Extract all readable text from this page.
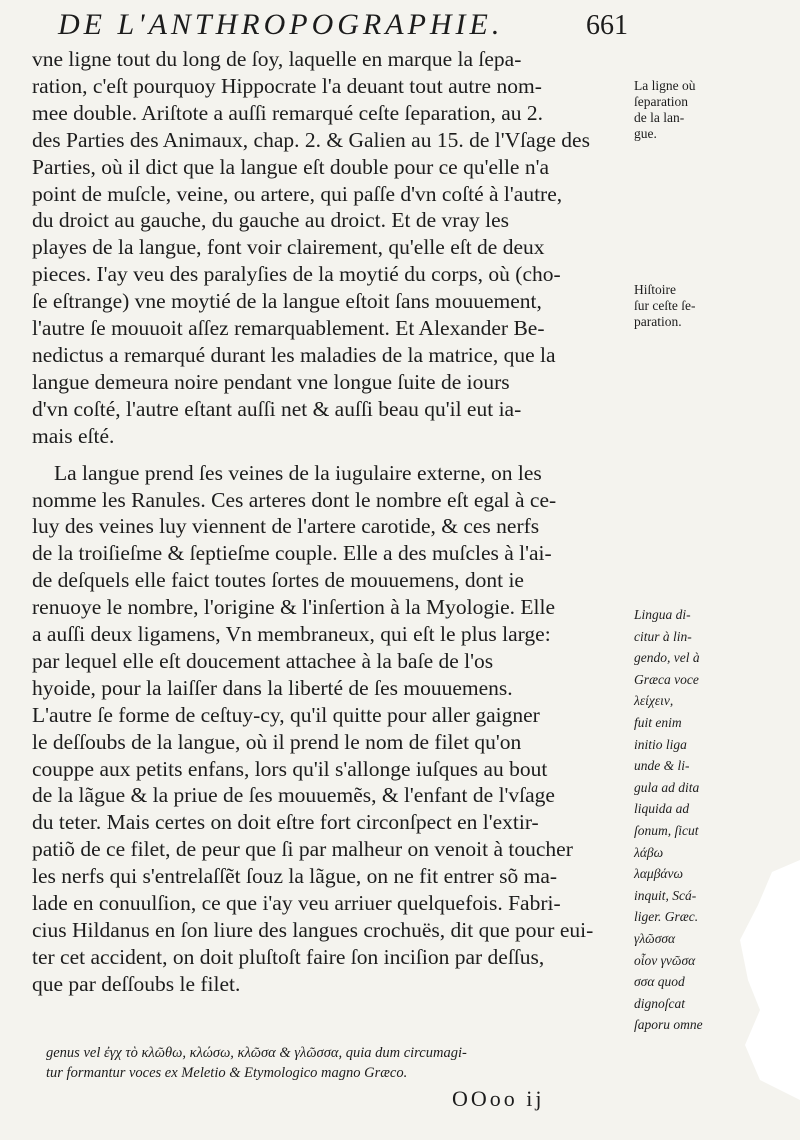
DE L'ANTHROPOGRAPHIE.	661
vne ligne tout du long de ſoy, laquelle en marque la ſepa-
ration, c'eſt pourquoy Hippocrate l'a deuant tout autre nom-
mee double. Ariſtote a auſſi remarqué ceſte ſeparation, au 2.
des Parties des Animaux, chap. 2. & Galien au 15. de l'Vſage des
Parties, où il dict que la langue eſt double pour ce qu'elle n'a
point de muſcle, veine, ou artere, qui paſſe d'vn coſté à l'autre,
du droict au gauche, du gauche au droict. Et de vray les
playes de la langue, font voir clairement, qu'elle eſt de deux
pieces. I'ay veu des paralyſies de la moytié du corps, où (cho-
ſe eſtrange) vne moytié de la langue eſtoit ſans mouuement,
l'autre ſe mouuoit aſſez remarquablement. Et Alexander Be-
nedictus a remarqué durant les maladies de la matrice, que la
langue demeura noire pendant vne longue ſuite de iours
d'vn coſté, l'autre eſtant auſſi net & auſſi beau qu'il eut ia-
mais eſté.
La langue prend ſes veines de la iugulaire externe, on les
nomme les Ranules. Ces arteres dont le nombre eſt egal à ce-
luy des veines luy viennent de l'artere carotide, & ces nerfs
de la troiſieſme & ſeptieſme couple. Elle a des muſcles à l'ai-
de deſquels elle faict toutes ſortes de mouuemens, dont ie
renuoye le nombre, l'origine & l'inſertion à la Myologie. Elle
a auſſi deux ligamens, Vn membraneux, qui eſt le plus large:
par lequel elle eſt doucement attachee à la baſe de l'os
hyoide, pour la laiſſer dans la liberté de ſes mouuemens.
L'autre ſe forme de ceſtuy-cy, qu'il quitte pour aller gaigner
le deſſoubs de la langue, où il prend le nom de filet qu'on
couppe aux petits enfans, lors qu'il s'allonge iuſques au bout
de la lãgue & la priue de ſes mouuemẽs, & l'enfant de l'vſage
du teter. Mais certes on doit eſtre fort circonſpect en l'extir-
patiõ de ce filet, de peur que ſi par malheur on venoit à toucher
les nerfs qui s'entrelaſſẽt ſouz la lãgue, on ne fit entrer sõ ma-
lade en conuulſion, ce que i'ay veu arriuer quelquefois. Fabri-
cius Hildanus en ſon liure des langues crochuës, dit que pour eui-
ter cet accident, on doit pluſtoſt faire ſon inciſion par deſſus,
que par deſſoubs le filet.
La ligne où
ſeparation
de la lan-
gue.
Hiſtoire
ſur ceſte ſe-
paration.
Lingua di-
citur à lin-
gendo, vel à
Græca voce
λείχειν,
fuit enim
initio liga
unde & li-
gula ad dita
liquida ad
ſonum, ſicut
λάβω
λαμβάνω
inquit, Scá-
liger. Græc.
γλῶσσα
οἷον γνῶσα
σσα quod
dignoſcat
ſaporu omne
genus vel ἐγχ τὸ κλῶθω, κλώσω, κλῶσα & γλῶσσα, quia dum circumagi-
tur formantur voces ex Meletio & Etymologico magno Græco.
OOoo ij
